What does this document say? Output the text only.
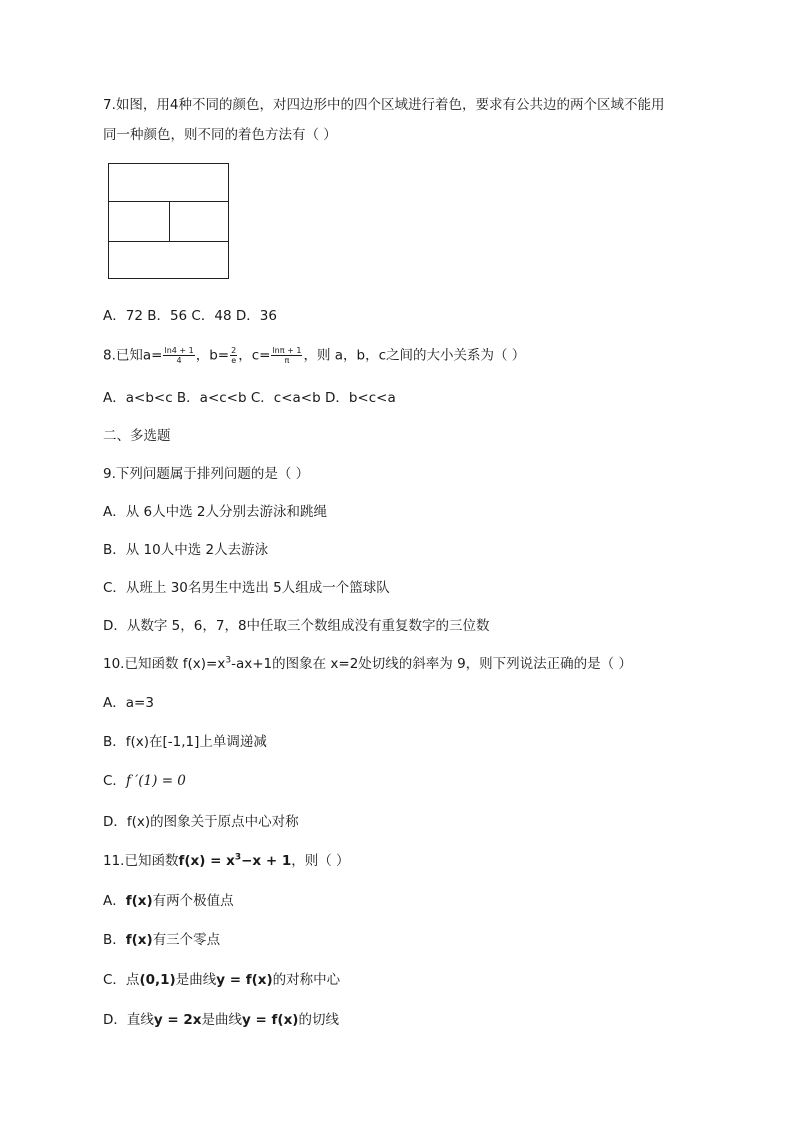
7.如图，用4种不同的颜色，对四边形中的四个区域进行着色，要求有公共边的两个区域不能用
同一种颜色，则不同的着色方法有（ ）
A．72 B．56 C．48 D．36
8.已知$a= \frac{\ln 4 + 1}{4}$ ，$b= \frac{2}{e}$ ，$c= \frac{\ln\pi + 1}{\pi}$ ，则 a，b，c之间的大小关系为（ ）
A．a<b<c B．a<c<b C．c<a<b D．b<c<a
二、多选题
9.下列问题属于排列问题的是（ ）
A．从 6人中选 2人分别去游泳和跳绳
B．从 10人中选 2人去游泳
C．从班上 30名男生中选出 5人组成一个篮球队
D．从数字 5，6，7，8中任取三个数组成没有重复数字的三位数
10.已知函数 $f(x)=x^3-ax+1$的图象在 x=2处切线的斜率为 9，则下列说法正确的是（ ）
A．a=3
B．f(x)在[-1,1]上单调递减
C．f ′(1) = 0
D．f(x)的图象关于原点中心对称
11.已知函数$f(x) = x^3-x + 1$，则（ ）
A．f(x)有两个极值点
B．f(x)有三个零点
C．点(0,1)是曲线y = f(x)的对称中心
D．直线y = 2x是曲线y = f(x)的切线
